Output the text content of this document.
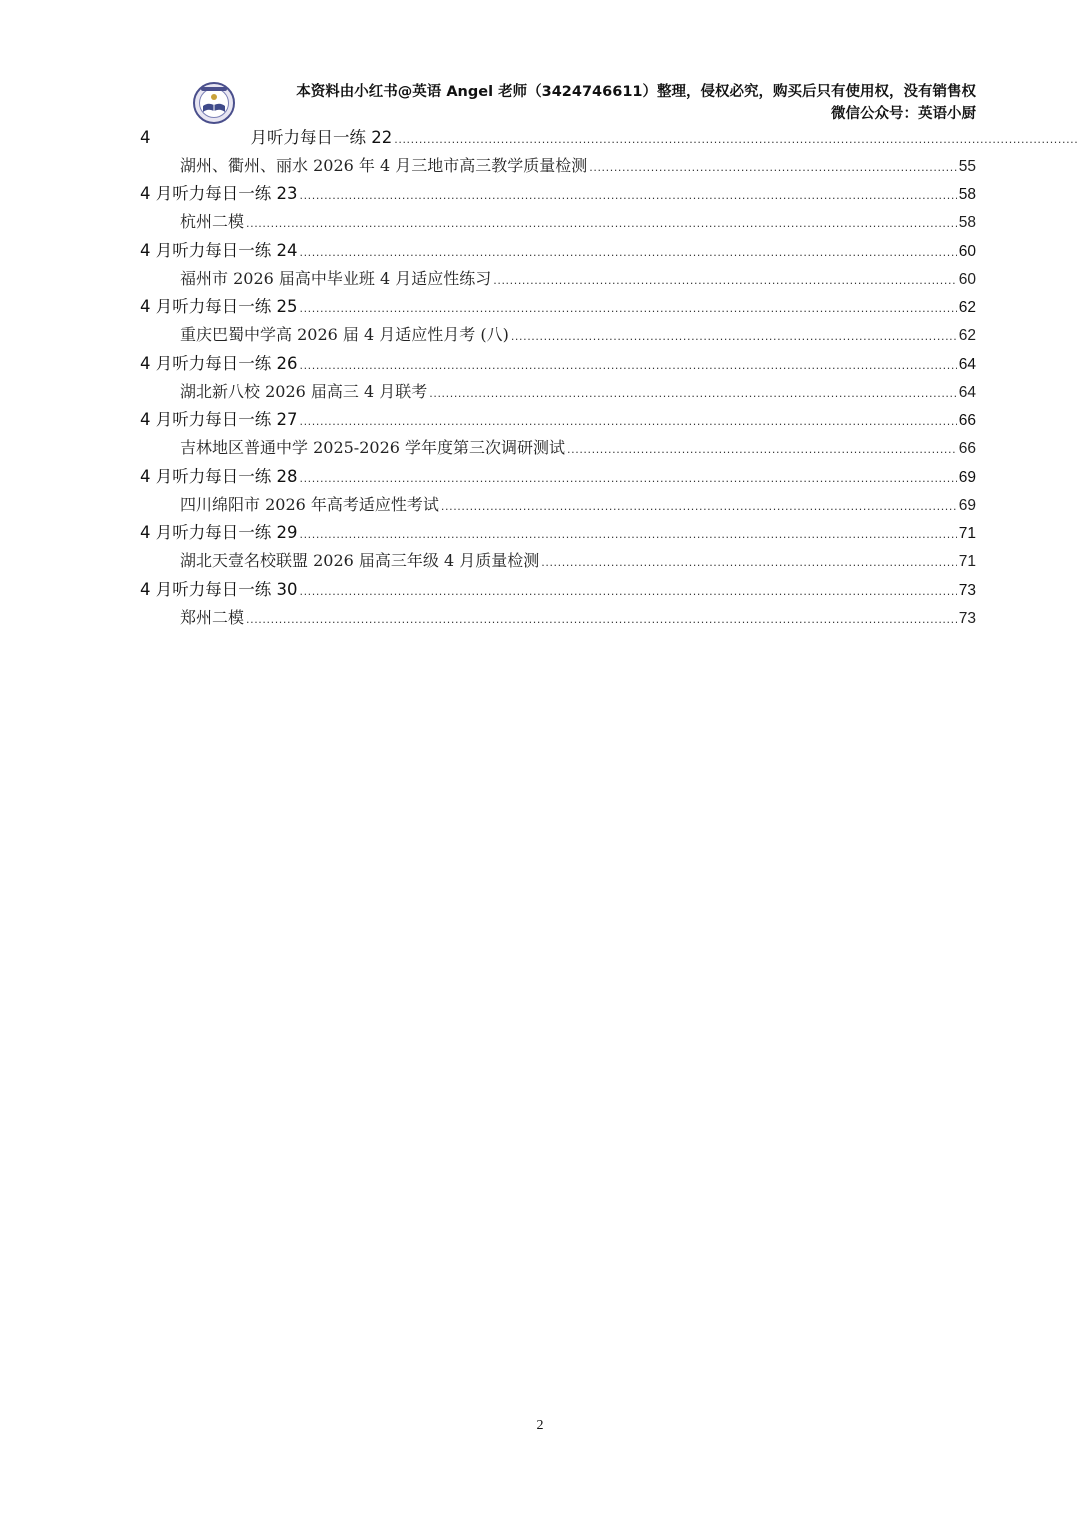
本资料由小红书@英语 Angel 老师（3424746611）整理，侵权必究，购买后只有使用权，没有销售权
微信公众号：英语小厨
4	月听力每日一练 22
.....
湖州、衢州、丽水 2026 年 4 月三地市高三教学质量检测 .....	55
4 月听力每日一练 23 .....	58
杭州二模 .....	58
4 月听力每日一练 24 .....	60
福州市 2026 届高中毕业班 4 月适应性练习 .....	60
4 月听力每日一练 25 .....	62
重庆巴蜀中学高 2026 届 4 月适应性月考 (八) .....	62
4 月听力每日一练 26 .....	64
湖北新八校 2026 届高三 4 月联考 .....	64
4 月听力每日一练 27 .....	66
吉林地区普通中学 2025-2026 学年度第三次调研测试 .....	66
4 月听力每日一练 28 .....	69
四川绵阳市 2026 年高考适应性考试 .....	69
4 月听力每日一练 29 .....	71
湖北天壹名校联盟 2026 届高三年级 4 月质量检测 .....	71
4 月听力每日一练 30 .....	73
郑州二模 .....	73
2
